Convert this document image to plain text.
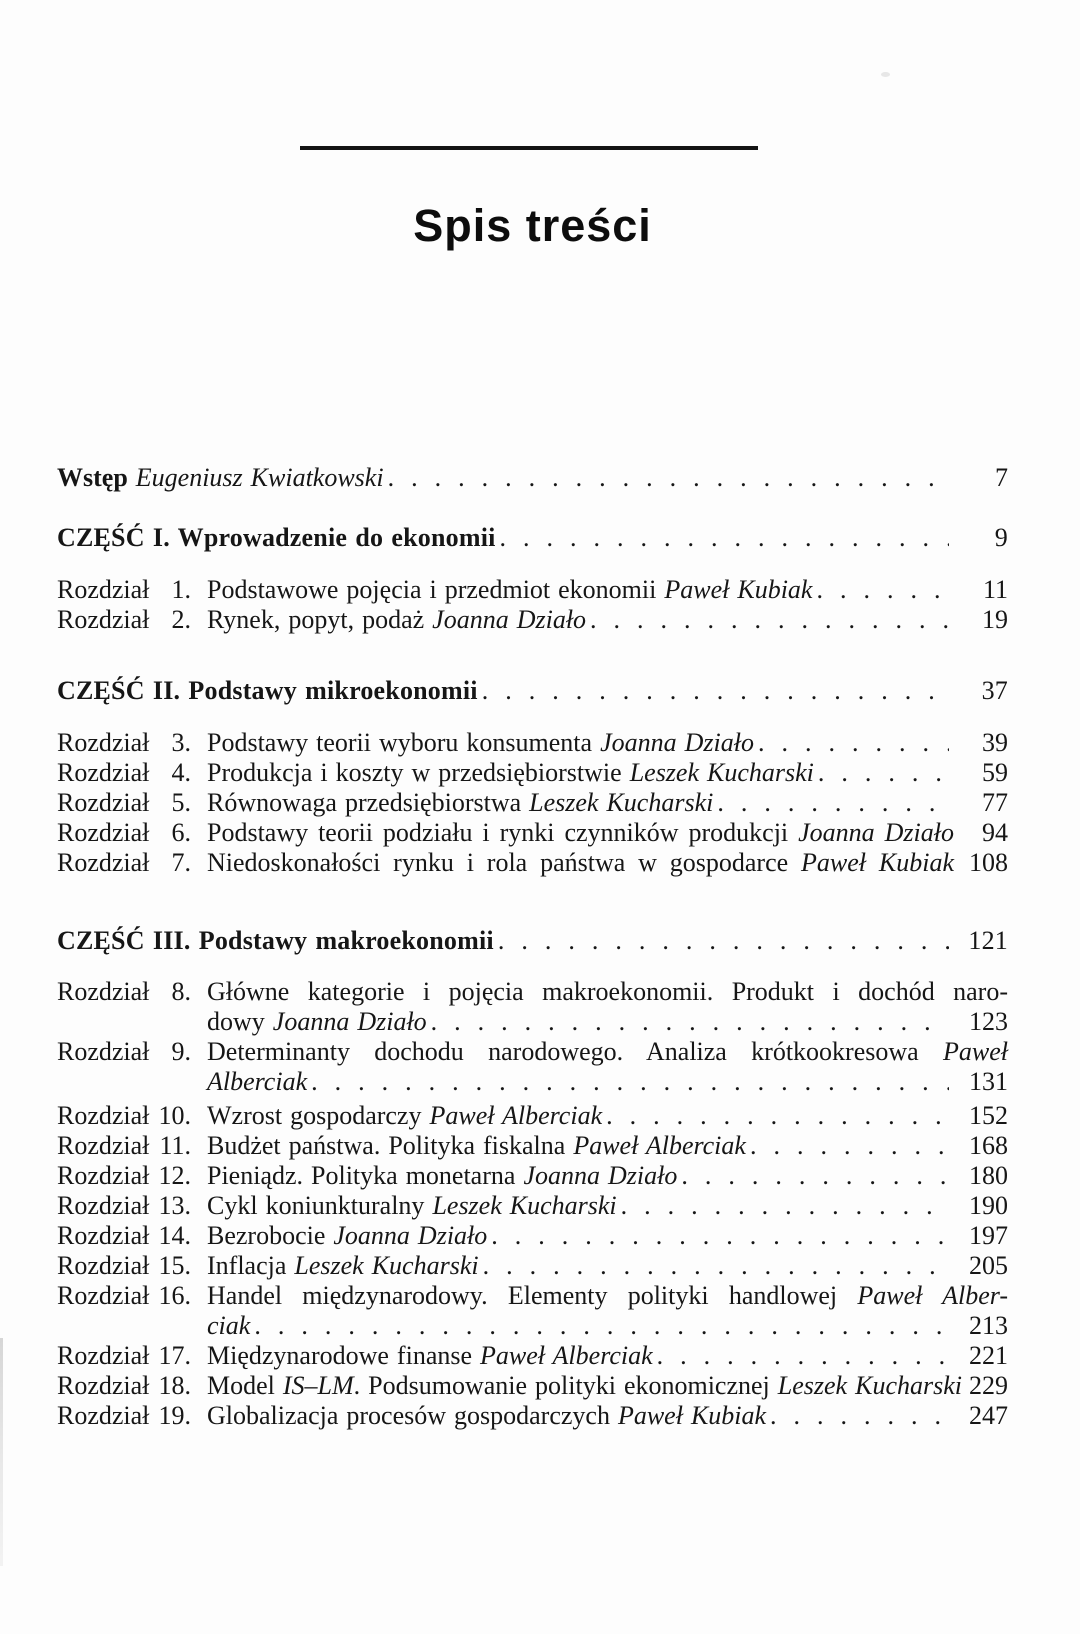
Spis treści
Wstęp Eugeniusz Kwiatkowski . . .	7
CZĘŚĆ I. Wprowadzenie do ekonomii . . .	9
Rozdział 1. Podstawowe pojęcia i przedmiot ekonomii Paweł Kubiak . . .	11
Rozdział 2. Rynek, popyt, podaż Joanna Działo . . .	19
CZĘŚĆ II. Podstawy mikroekonomii . . .	37
Rozdział 3. Podstawy teorii wyboru konsumenta Joanna Działo . . .	39
Rozdział 4. Produkcja i koszty w przedsiębiorstwie Leszek Kucharski . . .	59
Rozdział 5. Równowaga przedsiębiorstwa Leszek Kucharski . . .	77
Rozdział 6. Podstawy teorii podziału i rynki czynników produkcji Joanna Działo	94
Rozdział 7. Niedoskonałości rynku i rola państwa w gospodarce Paweł Kubiak 108
CZĘŚĆ III. Podstawy makroekonomii . . .	121
Rozdział 8. Główne kategorie i pojęcia makroekonomii. Produkt i dochód naro-
dowy Joanna Działo . . .	123
Rozdział 9. Determinanty dochodu narodowego. Analiza krótkookresowa Paweł
Alberciak . . .	131
Rozdział 10. Wzrost gospodarczy Paweł Alberciak . . .	152
Rozdział 11. Budżet państwa. Polityka fiskalna Paweł Alberciak . . .	168
Rozdział 12. Pieniądz. Polityka monetarna Joanna Działo . . .	180
Rozdział 13. Cykl koniunkturalny Leszek Kucharski . . .	190
Rozdział 14. Bezrobocie Joanna Działo . . .	197
Rozdział 15. Inflacja Leszek Kucharski . . .	205
Rozdział 16. Handel międzynarodowy. Elementy polityki handlowej Paweł Alber-
ciak . . .	213
Rozdział 17. Międzynarodowe finanse Paweł Alberciak . . .	221
Rozdział 18. Model IS–LM. Podsumowanie polityki ekonomicznej Leszek Kucharski 229
Rozdział 19. Globalizacja procesów gospodarczych Paweł Kubiak . . .	247
